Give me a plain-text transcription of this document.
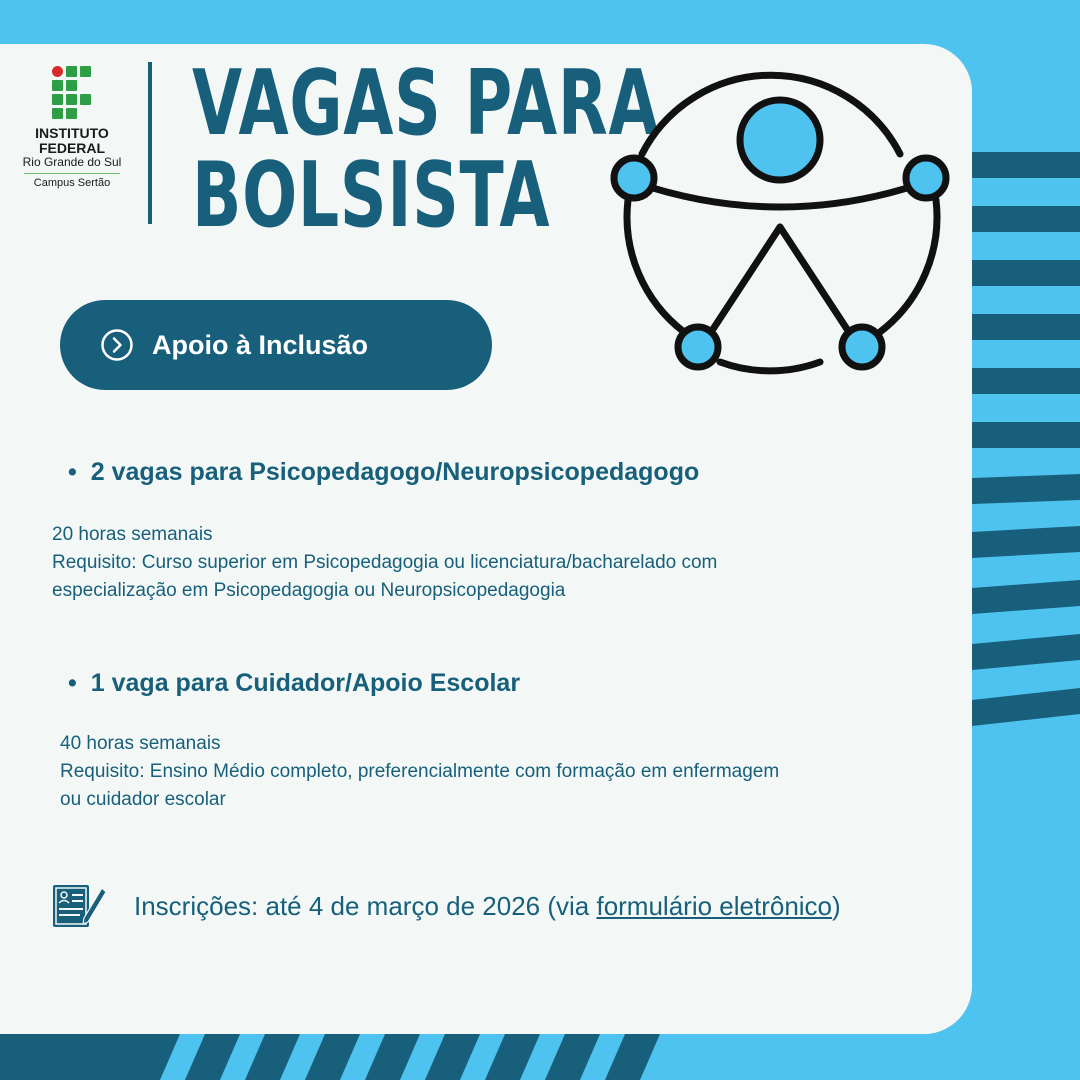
INSTITUTO FEDERAL
Rio Grande do Sul
Campus Sertão
VAGAS PARA
BOLSISTA
Apoio à Inclusão
• 2 vagas para Psicopedagogo/Neuropsicopedagogo
20 horas semanais
Requisito: Curso superior em Psicopedagogia ou licenciatura/bacharelado com
especialização em Psicopedagogia ou Neuropsicopedagogia
• 1 vaga para Cuidador/Apoio Escolar
40 horas semanais
Requisito: Ensino Médio completo, preferencialmente com formação em enfermagem
ou cuidador escolar
Inscrições: até 4 de março de 2026 (via formulário eletrônico)
